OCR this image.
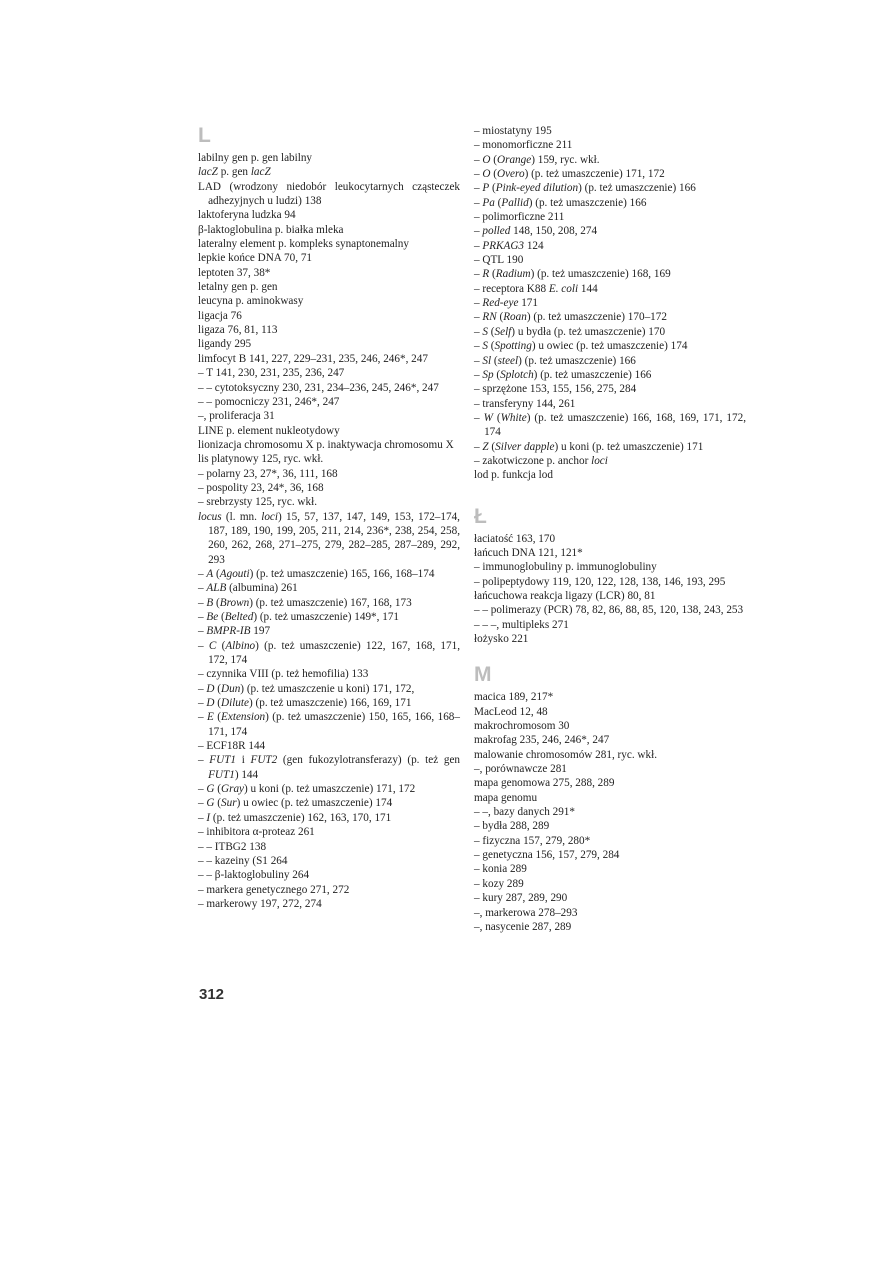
L

labilny gen p. gen labilny

lacZ p. gen lacZ

LAD (wrodzony niedobór leukocytarnych cząsteczek adhezyjnych u ludzi) 138

laktoferyna ludzka 94

β-laktoglobulina p. białka mleka

lateralny element p. kompleks synaptonemalny

lepkie końce DNA 70, 71

leptoten 37, 38*

letalny gen p. gen

leucyna p. aminokwasy

ligacja 76

ligaza 76, 81, 113

ligandy 295

limfocyt B 141, 227, 229–231, 235, 246, 246*, 247

– T 141, 230, 231, 235, 236, 247

– – cytotoksyczny 230, 231, 234–236, 245, 246*, 247

– – pomocniczy 231, 246*, 247

–, proliferacja 31

LINE p. element nukleotydowy

lionizacja chromosomu X p. inaktywacja chromosomu X

lis platynowy 125, ryc. wkł.

– polarny 23, 27*, 36, 111, 168

– pospolity 23, 24*, 36, 168

– srebrzysty 125, ryc. wkł.

locus (l. mn. loci) 15, 57, 137, 147, 149, 153, 172–174, 187, 189, 190, 199, 205, 211, 214, 236*, 238, 254, 258, 260, 262, 268, 271–275, 279, 282–285, 287–289, 292, 293

– A (Agouti) (p. też umaszczenie) 165, 166, 168–174

– ALB (albumina) 261

– B (Brown) (p. też umaszczenie) 167, 168, 173

– Be (Belted) (p. też umaszczenie) 149*, 171

– BMPR-IB 197

– C (Albino) (p. też umaszczenie) 122, 167, 168, 171, 172, 174

– czynnika VIII (p. też hemofilia) 133

– D (Dun) (p. też umaszczenie u koni) 171, 172,

– D (Dilute) (p. też umaszczenie) 166, 169, 171

– E (Extension) (p. też umaszczenie) 150, 165, 166, 168–171, 174

– ECF18R 144

– FUT1 i FUT2 (gen fukozylotransferazy) (p. też gen FUT1) 144

– G (Gray) u koni (p. też umaszczenie) 171, 172

– G (Sur) u owiec (p. też umaszczenie) 174

– I (p. też umaszczenie) 162, 163, 170, 171

– inhibitora α-proteaz 261

– – ITBG2 138

– – kazeiny (S1 264

– – β-laktoglobuliny 264

– markera genetycznego 271, 272

– markerowy 197, 272, 274

– miostatyny 195

– monomorficzne 211

– O (Orange) 159, ryc. wkł.

– O (Overo) (p. też umaszczenie) 171, 172

– P (Pink-eyed dilution) (p. też umaszczenie) 166

– Pa (Pallid) (p. też umaszczenie) 166

– polimorficzne 211

– polled 148, 150, 208, 274

– PRKAG3 124

– QTL 190

– R (Radium) (p. też umaszczenie) 168, 169

– receptora K88 E. coli 144

– Red-eye 171

– RN (Roan) (p. też umaszczenie) 170–172

– S (Self) u bydła (p. też umaszczenie) 170

– S (Spotting) u owiec (p. też umaszczenie) 174

– Sl (steel) (p. też umaszczenie) 166

– Sp (Splotch) (p. też umaszczenie) 166

– sprzężone 153, 155, 156, 275, 284

– transferyny 144, 261

– W (White) (p. też umaszczenie) 166, 168, 169, 171, 172, 174

– Z (Silver dapple) u koni (p. też umaszczenie) 171

– zakotwiczone p. anchor loci

lod p. funkcja lod

Ł

łaciatość 163, 170

łańcuch DNA 121, 121*

– immunoglobuliny p. immunoglobuliny

– polipeptydowy 119, 120, 122, 128, 138, 146, 193, 295

łańcuchowa reakcja ligazy (LCR) 80, 81

– – polimerazy (PCR) 78, 82, 86, 88, 85, 120, 138, 243, 253

– – –, multipleks 271

łożysko 221

M

macica 189, 217*

MacLeod 12, 48

makrochromosom 30

makrofag 235, 246, 246*, 247

malowanie chromosomów 281, ryc. wkł.

–, porównawcze 281

mapa genomowa 275, 288, 289

mapa genomu

– –, bazy danych 291*

– bydła 288, 289

– fizyczna 157, 279, 280*

– genetyczna 156, 157, 279, 284

– konia 289

– kozy 289

– kury 287, 289, 290

–, markerowa 278–293

–, nasycenie 287, 289

312
